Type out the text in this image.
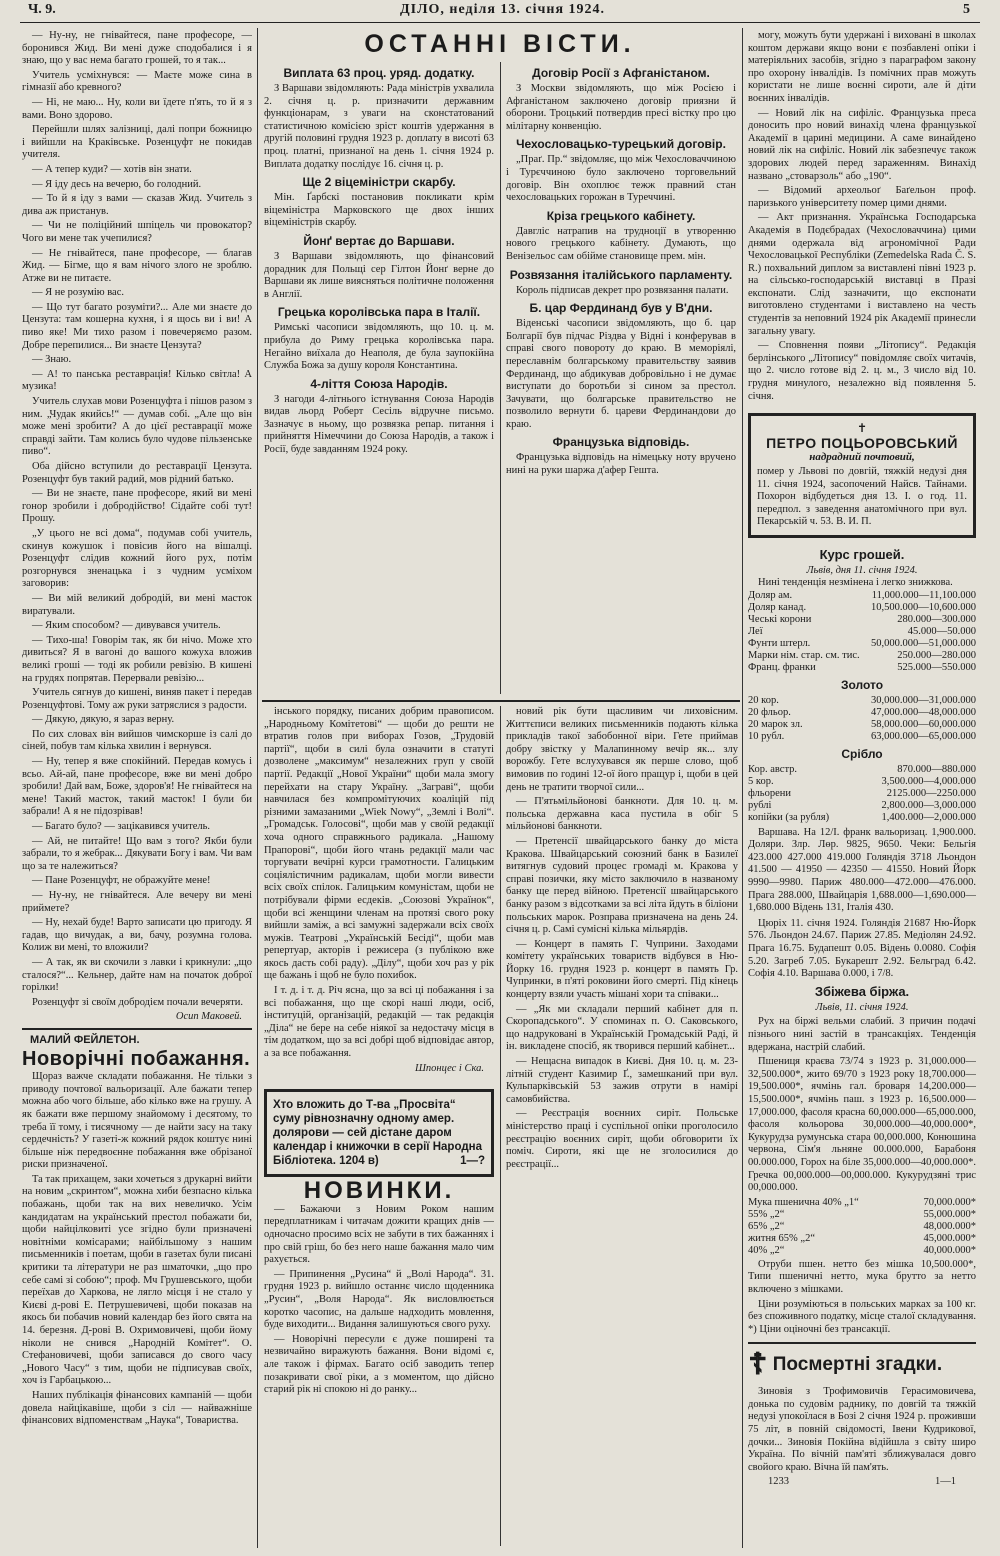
Ч. 9.	ДІЛО, неділя 13. січня 1924.	5

— Ну-ну, не гнівайтеся, пане професоре, — боронився Жид. Ви мені дуже сподобалися і я знаю, що у вас нема багато грошей, то я так...

Учитель усміхнувся: — Маєте може сина в гімназії або кревного?

— Ні, не маю... Ну, коли ви їдете п'ять, то й я з вами. Воно здорово.

Перейшли шлях залізниці, далі попри божницю і вийшли на Краківське. Розенцуфт не покидав учителя.

— А тепер куди? — хотів він знати.

— Я іду десь на вечерю, бо голодний.

— То й я іду з вами — сказав Жид. Учитель з дива аж пристанув.

— Чи не поліційний шпіцель чи провокатор? Чого ви мене так учепилися?

— Не гнівайтеся, пане професоре, — благав Жид. — Бігме, що я вам нічого злого не зроблю. Атже ви не питаєте.

— Я не розумію вас.

— Що тут багато розуміти?... Але ми знаєте до Цензута: там кошерна кухня, і я щось ви і ви! А пиво яке! Ми тихо разом і повечеряємо разом. Добре перепилися... Ви знаєте Цензута?

— Знаю.

— А! то панська реставрація! Кілько світла! А музика!

Учитель слухав мови Розенцуфта і пішов разом з ним. „Чудак якийсь!“ — думав собі. „Але що він може мені зробити? А до цієї реставрації може справді зайти. Там колись було чудове пільзенське пиво“.

Оба дійсно вступили до реставрації Цензута. Розенцуфт був такий радий, мов рідний батько.

— Ви не знаєте, пане професоре, який ви мені гонор зробили і добродійство! Сідайте собі тут! Прошу.

„У цього не всі дома“, подумав собі учитель, скинув кожушок і повісив його на вішалці. Розенцуфт слідив кожний його рух, потім розгорнувся зненацька і з чудним усміхом заговорив:

— Ви мій великий добродій, ви мені масток виратували.

— Яким способом? — дивувався учитель.

— Тихо-ша! Говорім так, як би нічо. Може хто дивиться? Я в вагоні до вашого кожуха вложив великі гроші — тоді як робили ревізію. В кишені на грудях попрятав. Перервали ревізію...

Учитель сягнув до кишені, виняв пакет і передав Розенцуфтові. Тому аж руки затряслися з радости.

— Дякую, дякую, я зараз верну.

По сих словах він вийшов чимскорше із салі до сіней, побув там кілька хвилин і вернувся.

— Ну, тепер я вже спокійний. Передав комусь і всьо. Ай-ай, пане професоре, вже ви мені добро зробили! Дай вам, Боже, здоров'я! Не гнівайтеся на мене! Такий масток, такий масток! І були би забрали! А я не підозрівав!

— Багато було? — зацікавився учитель.

— Ай, не питайте! Що вам з того? Якби були забрали, то я жебрак... Дякувати Богу і вам. Чи вам що за те належиться?

— Пане Розенцуфт, не ображуйте мене!

— Ну-ну, не гнівайтеся. Але вечеру ви мені приймете?

— Ну, нехай буде! Варто записати цю пригоду. Я гадав, що вичудак, а ви, бачу, розумна голова. Колиж ви мені, то вложили?

— А так, як ви скочили з лавки і крикнули: „що сталося?“... Кельнер, дайте нам на початок доброї горілки!

Розенцуфт зі своїм добродієм почали вечеряти.

Осип Маковей.
МАЛИЙ ФЕЙЛЕТОН.
Новорічні побажання.

Щораз важче складати побажання. Не тільки з приводу почтової вальоризації. Але бажати тепер можна або чого більше, або кілько вже на грушу. А як бажати вже першому знайомому і десятому, то треба її тому, і тисячному — де найти засу на таку сердечність? У газеті-ж кожний рядок коштує нині більше ніж передвоєнне побажання вже обрізаної риски призначеної.

Та так прихащем, заки хочеться з друкарні вийти на новим „скринтом“, можна хиби безпасно кілька побажань, щоби так на вих невеличко. Усім кандидатам на український престол побажати би, щоби найцілковиті усе згідно були призначені новітніми комісарами; найбільшому з нашим письменників і поетам, щоби в газетах були писані критики та літератури не раз шматочки, „що про себе самі зі собою“; проф. Мч Грушевського, щоби переїхав до Харкова, не лягло місця і не стало у Києві д-рові Е. Петрушевичеві, щоби показав на якось би побачив новий календар без його свята на 14. березня. Д-рові В. Охримовичеві, щоби йому ніколи не снився „Народній Комітет“. О. Стефановичеві, щоби записався до свого часу „Нового Часу“ з тим, щоби не підписував своїх, хоч із Гарбацькою...

Наших публікація фінансових кампаній — щоби довела найцікавіше, щоби з сіл — найважніше фінансових відпоменствам „Наука“, Товариства.

ОСТАННІ ВІСТИ.
Виплата 63 проц. уряд. додатку.

З Варшави звідомляють: Рада міністрів ухвалила 2. січня ц. р. призначити державним функціонарам, з уваги на сконстатований статистичною комісією зріст коштів удержання в другій половині грудня 1923 р. доплату в висоті 63 проц. платні, признаної на день 1. січня 1924 р. Виплата додатку послідує 16. січня ц. р.

Ще 2 віцеміністри скарбу.

Мін. Ґарбскі постановив покликати крім віцеміністра Марковского ще двох інших віцеміністрів скарбу.

Йонґ вертає до Варшави.

З Варшави звідомляють, що фінансовий дорадник для Польщі сер Гілтон Йонґ верне до Варшави як лише виясняться політичне положення в Англії.

Грецька королівська пара в Італії.

Римські часописи звідомляють, що 10. ц. м. прибула до Риму грецька королівська пара. Негайно виїхала до Неаполя, де була заупокійна Служба Божа за душу короля Константина.

4-ліття Союза Народів.

З нагоди 4-літнього істнування Союза Народів видав льорд Роберт Сесіль відручне письмо. Зазначує в ньому, що розвязка репар. питання і прийняття Німеччини до Союза Народів, а також і Росії, буде завданням 1924 року.

Договір Росії з Афганістаном.

З Москви звідомляють, що між Росією і Афганістаном заключено договір приязни й оборони. Троцький потвердив пресі вістку про цю мілітарну конвенцію.

Чехословацько-турецький договір.

„Праґ. Пр.“ звідомляє, що між Чехословаччиною і Турєччиною було заключено торговельний договір. Він охоплює тежж правний стан чехословацьких горожан в Туреччині.

Кріза грецького кабінету.

Давгліс натрапив на трудноції в утворенню нового грецького кабінету. Думають, що Венізельос сам обійме становище прем. мін.

Розвязання італійського парламенту.

Король підписав декрет про розвязання палати.

Б. цар Фердинанд був у В'дни.

Віденські часописи звідомляють, що б. цар Болгарії був підчас Різдва у Відні і конферував в справі свого повороту до краю. В меморіялі, переславнім болгарському правительству заявив Фердинанд, що абдикував добровільно і не думає виступати до боротьби зі сином за престол. Зачувати, що болгарське правительство не позволило вернути б. цареви Фердинандови до краю.

Французька відповідь.

Французька відповідь на німецьку ноту вручено нині на руки шаржа д'афер Гешта.

інського порядку, писаних добрим правописом. „Народньому Комітетові“ — щоби до решти не втратив голов при виборах Гозов, „Трудовій партії“, щоби в силі була означити в статуті дозволене „максимум“ незалежних груп у своїй партії. Редакції „Нової України“ щоби мала змогу перейхати на стару Україну. „Заграві“, щоби навчилася без компромітуючих коаліцій під різними замазаними „Wiek Nowy“, „Землі і Волі“. „Громадськ. Голосові“, щоби мав у своїй редакції хоча одного справжнього радикала. „Нашому Прапорові“, щоби його чтань редакції мали час торгувати вечірні курси грамотности. Галицьким соціялістичним радикалам, щоби могли вивести всіх своїх спілок. Галицьким комуністам, щоби не потрібували фірми есдеків. „Союзові Українок“, щоби всі женщини членам на протязі свого року вийшли заміж, а всі замужні задержали всіх своїх мужів. Театрові „Українській Бесіді“, щоби мав репертуар, акторів і режисера (з публікою вже якось дасть собі раду). „Ділу“, щоби хоч раз у рік ще бажань і щоб не було похибок.

І т. д. і т. д. Річ ясна, що за всі ці побажання і за всі побажання, що ще скорі наші люди, осіб, інституцій, організацій, редакцій — так редакція „Діла“ не бере на себе ніякої за недостачу місця в тім додатком, що за всі добрі щоб відповідає автор, а за все побажання.

Шпонцес і Ска.
Хто вложить до Т-ва „Просвіта“ суму рівнозначну одному амер. долярови — сей дістане даром календар і книжочки в серії Народна Бібліотека. 1204 в)	1—?
НОВИНКИ.

— Бажаючи з Новим Роком нашим передплатникам і читачам дожити кращих днів — одночасно просимо всіх не забути в тих бажаннях і про свій гріш, бо без него наше бажання мало чим рахується.

— Припинення „Русина“ й „Волі Народа“. 31. грудня 1923 р. вийшло останнє число щоденника „Русин“, „Воля Народа“. Як висловлюється коротко часопис, на дальше надходить мовлення, буде виходити... Видання залишуються свого руху.

— Новорічні пересули є дуже поширені та незвичайно виражують бажання. Вони відомі є, але також і фірмах. Багато осіб заводить тепер позакривати свої ріки, а з моментом, що дійсно старий рік ні спокою ні до ранку...

новий рік бути щасливим чи лиховісним. Життєписи великих письменників подають кілька прикладів такої забобонної віри. Гете приймав добру звістку у Малапинному вечір як... злу ворожбу. Гете вслухувався як перше слово, щоб вимовив по годині 12-ої його пращур і, щоби в цей день не тратити творчої сили...

— П'ятьмільйонові банкноти. Для 10. ц. м. польська державна каса пустила в обіг 5 мільйонові банкноти.

— Претенсії швайцарського банку до міста Кракова. Швайцарський союзний банк в Базилеї витягнув судовий процес громаді м. Кракова у справі позички, яку місто заключило в названому банку ще перед війною. Претенсії швайцарського банку разом з відсотками за всі літа йдуть в біліони польських марок. Розправа призначена на день 24. січня ц. р. Самі сумісні кілька мільярдів.

— Концерт в память Г. Чуприни. Заходами комітету українських товариств відбувся в Ню-Йорку 16. грудня 1923 р. концерт в память Гр. Чупринки, в п'яті роковини його смерті. Під кінець концерту взяли участь мішані хори та співаки...

— „Як ми складали перший кабінет для п. Скоропадського“. У споминах п. О. Саковського, що надруковані в Українській Громадській Раді, й ін. викладене спосіб, як творився перший кабінет...

— Нещасна випадок в Києві. Дня 10. ц. м. 23-літній студент Казимир Ґ., замешканий при вул. Кульпарківській 53 зажив отрути в намірі самовбийства.

— Реєстрація воєнних сиріт. Польське міністерство праці і суспільної опіки проголосило реєстрацію воєнних сиріт, щоби обговорити їх поміч. Сироти, які ще не зголосилися до реєстрації...

могу, можуть бути удержані і виховані в школах коштом держави якщо вони є позбавлені опіки і матеріяльних засобів, згідно з параграфом закону про охорону інвалідів. Із помічних прав можуть користати не лише воєнні сироти, але й діти воєнних інвалідів.

— Новий лік на сифіліс. Французька преса доносить про новий винахід члена французької Академії в царині медицини. А саме винайдено новий лік на сифіліс. Новий лік забезпечує також здорових людей перед зараженням. Винахід названо „стоварзоль“ або „190“.

— Відомий археольоґ Баґельон проф. паризького університету помер цими днями.

— Акт признання. Українська Господарська Академія в Подєбрадах (Чехословаччина) цими днями одержала від агрономічної Ради Чехословацької Республіки (Zemedelska Rada Č. S. R.) похвальний диплом за виставлені півні 1923 р. на сільсько-господарській виставці в Празі експонати. Слід зазначити, що експонати виготовлено студентами і виставлено на честь студентів за неповний 1924 рік Академії принесли загальну увагу.

— Сповнення появи „Літопису“. Редакція берлінського „Літопису“ повідомляє своїх читачів, що 2. число готове від 2. ц. м., 3 число від 10. грудня минулого, незалежно від появлення 5. січня.

✝
ПЕТРО ПОЦЬОРОВСЬКИЙ
надрадний почтовий,
помер у Львові по довгій, тяжкій недузі дня 11. січня 1924, засопочений Найсв. Тайнами. Похорон відбудеться дня 13. І. о год. 11. передпол. з заведення анатомічного при вул. Пекарській ч. 53. В. И. П.
Курс грошей.
Львів, дня 11. січня 1924.
Нині тенденція незмінена і легко знижкова.
Доляр ам.	11,000.000—11,100.000
Доляр канад.	10,500.000—10,600.000
Чеські корони	280.000—300.000
Леї	45.000—50.000
Фунти штерл.	50,000.000—51,000.000
Марки нім. стар. см. тис.	250.000—280.000
Франц. франки	525.000—550.000
Золото
20 кор.	30,000.000—31,000.000
20 фльор.	47,000.000—48,000.000
20 марок зл.	58,000.000—60,000.000
10 рубл.	63,000.000—65,000.000
Срібло
Кор. австр.	870.000—880.000
5 кор.	3,500.000—4,000.000
фльорени	2125.000—2250.000
рублі	2,800.000—3,000.000
копійки (за рубля)	1,400.000—2,000.000

Варшава. На 12/І. франк вальоризац. 1,900.000. Доляри. Злр. Лөр. 9825, 9650. Чеки: Бельгія 423.000 427.000 419.000 Голяндія 3718 Льондон 41.500 — 41950 — 42350 — 41550. Новий Йорк 9990—9980. Париж 480.000—472.000—476.000. Прага 288.000, Швайцарія 1,688.000—1,690.000—1,680.000 Відень 131, Італія 430.

Цюріх 11. січня 1924. Голяндія 21687 Ню-Йорк 576. Льондон 24.67. Париж 27.85. Медіолян 24.92. Прага 16.75. Будапешт 0.05. Відень 0.0080. Софія 5.20. Загреб 7.05. Букарешт 2.92. Бельград 6.42. Софія 4.10. Варшава 0.000, і 7/8.

Збіжева біржа.
Львів, 11. січня 1924.

Рух на біржі вельми слабий. З причин подачі пізнього нині застій в трансакціях. Тенденція вдержана, настрій слабий.

Пшениця краєва 73/74 з 1923 р. 31,000.000—32,500.000*, жито 69/70 з 1923 року 18,700.000—19,500.000*, ячмінь гал. броваря 14,200.000—15,500.000*, ячмінь паш. з 1923 р. 16,500.000—17,000.000, фасоля красна 60,000.000—65,000.000, фасоля кольорова 30,000.000—40,000.000*, Кукурудза румунська стара 00,000.000, Конюшина червона, Сім'я льняне 00.000.000, Барабоня 00.000.000, Горох на біле 35,000.000—40,000.000*. Гречка 00,000.000—00,000.000. Кукурудзяні трис 00,000.000.

Мука пшенична 40% „1“	70,000.000*
55% „2“	55,000.000*
65% „2“	48,000.000*
житня 65% „2“	45,000.000*
40% „2“	40,000.000*

Отруби пшен. нетто без мішка 10,500.000*, Типи пшеничні нетто, мука брутто за нетто включено з мішками.

Ціни розуміються в польських марках за 100 кг. без споживного податку, місце сталої складування. *) Ціни оціночні без трансакції.

☦ Посмертні згадки.

Зиновія з Трофимовичів Герасимовичева, донька по судовім раднику, по довгій та тяжкій недузі упокоїлася в Бозі 2 січня 1924 р. проживши 75 літ, в повній свідомості, Івени Кудрикової, дочки... Зиновія Покійна відійшла з світу широ Україна. По вічній пам'яті зближувалася довго свойого краю. Вічна їй пам'ять.

1233	1—1
